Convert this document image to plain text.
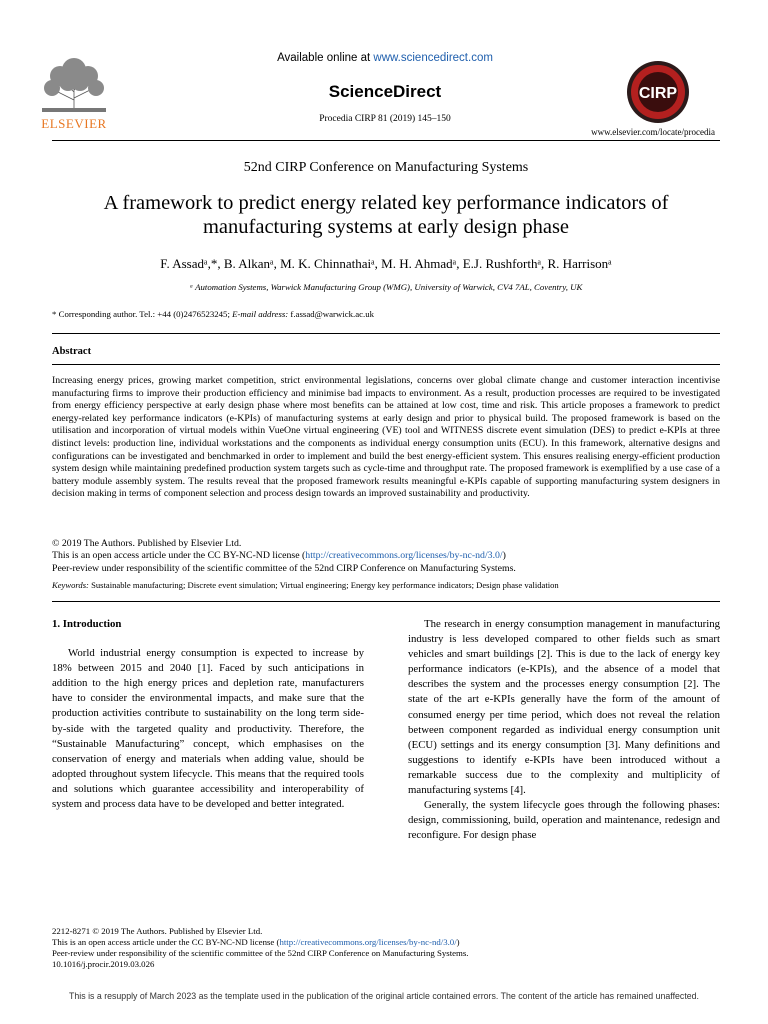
ELSEVIER
Available online at www.sciencedirect.com
ScienceDirect
Procedia CIRP 81 (2019) 145–150
CIRP
www.elsevier.com/locate/procedia
52nd CIRP Conference on Manufacturing Systems
A framework to predict energy related key performance indicators of
manufacturing systems at early design phase
F. Assadᵃ,*, B. Alkanᵃ, M. K. Chinnathaiᵃ, M. H. Ahmadᵃ, E.J. Rushforthᵃ, R. Harrisonᵃ
ᵃ Automation Systems, Warwick Manufacturing Group (WMG), University of Warwick, CV4 7AL, Coventry, UK
* Corresponding author. Tel.: +44 (0)2476523245; E-mail address: f.assad@warwick.ac.uk
Abstract
Increasing energy prices, growing market competition, strict environmental legislations, concerns over global climate change and customer interaction incentivise manufacturing firms to improve their production efficiency and minimise bad impacts to environment. As a result, production processes are required to be investigated from energy efficiency perspective at early design phase where most benefits can be attained at low cost, time and risk. This article proposes a framework to predict energy-related key performance indicators (e-KPIs) of manufacturing systems at early design and prior to physical build. The proposed framework is based on the utilisation and incorporation of virtual models within VueOne virtual engineering (VE) tool and WITNESS discrete event simulation (DES) to predict e-KPIs at three distinct levels: production line, individual workstations and the components as individual energy consumption units (ECU). In this framework, alternative designs and configurations can be investigated and benchmarked in order to implement and build the best energy-efficient system. This ensures realising energy-efficient production system design while maintaining predefined production system targets such as cycle-time and throughput rate. The proposed framework is exemplified by a use case of a battery module assembly system. The results reveal that the proposed framework results meaningful e-KPIs capable of supporting manufacturing system designers in decision making in terms of component selection and process design towards an improved sustainability and productivity.
© 2019 The Authors. Published by Elsevier Ltd.
This is an open access article under the CC BY-NC-ND license (http://creativecommons.org/licenses/by-nc-nd/3.0/)
Peer-review under responsibility of the scientific committee of the 52nd CIRP Conference on Manufacturing Systems.
Keywords: Sustainable manufacturing; Discrete event simulation; Virtual engineering; Energy key performance indicators; Design phase validation

1. Introduction

World industrial energy consumption is expected to increase by 18% between 2015 and 2040 [1]. Faced by such anticipations in addition to the high energy prices and depletion rate, manufacturers have to consider the environmental impacts, and make sure that the production activities contribute to sustainability on the long term side-by-side with the targeted quality and productivity. Therefore, the “Sustainable Manufacturing” concept, which emphasises on the conservation of energy and materials when adding value, should be adopted throughout system lifecycle. This means that the required tools and solutions which guarantee accessibility and interoperability of system and process data have to be developed and better integrated.

The research in energy consumption management in manufacturing industry is less developed compared to other fields such as smart vehicles and smart buildings [2]. This is due to the lack of energy key performance indicators (e-KPIs), and the absence of a model that describes the system and the processes energy consumption [2]. The state of the art e-KPIs generally have the form of the amount of consumed energy per time period, which does not reveal the relation between component regarded as individual energy consumption unit (ECU) settings and its energy consumption [3]. Many definitions and suggestions to identify e-KPIs have been introduced without a remarkable success due to the complexity and multiplicity of manufacturing systems [4].

Generally, the system lifecycle goes through the following phases: design, commissioning, build, operation and maintenance, redesign and reconfigure. For design phase

2212-8271 © 2019 The Authors. Published by Elsevier Ltd.
This is an open access article under the CC BY-NC-ND license (http://creativecommons.org/licenses/by-nc-nd/3.0/)
Peer-review under responsibility of the scientific committee of the 52nd CIRP Conference on Manufacturing Systems.
10.1016/j.procir.2019.03.026
This is a resupply of March 2023 as the template used in the publication of the original article contained errors. The content of the article has remained unaffected.
